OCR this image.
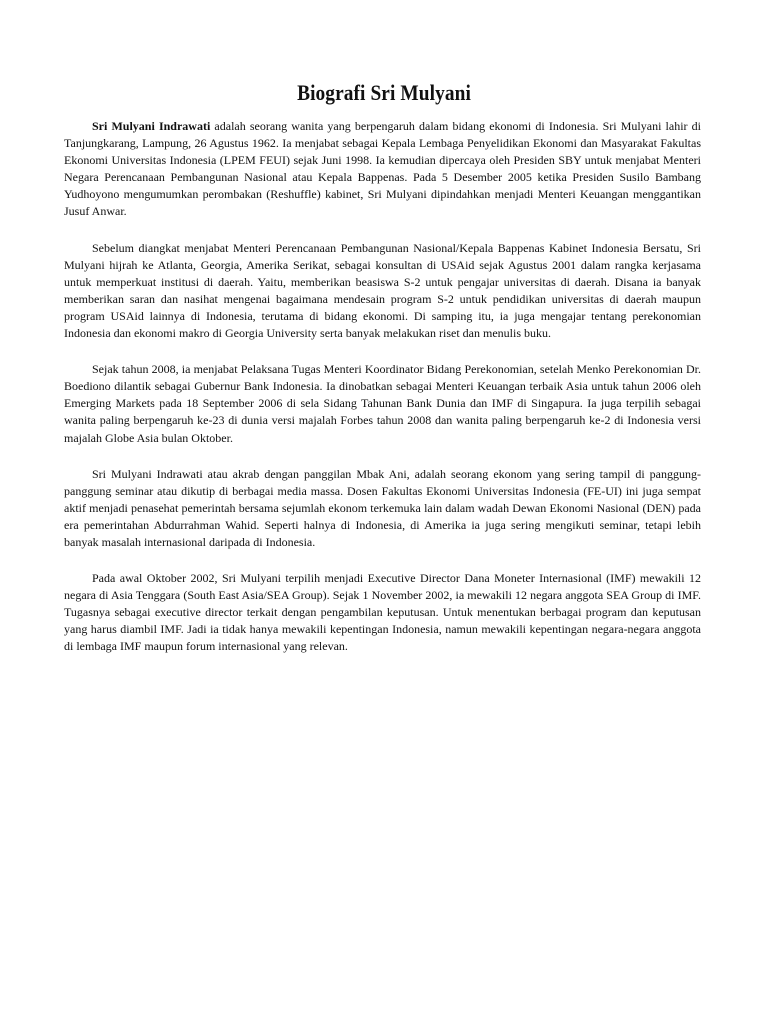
Biografi Sri Mulyani

Sri Mulyani Indrawati adalah seorang wanita yang berpengaruh dalam bidang ekonomi di Indonesia. Sri Mulyani lahir di Tanjungkarang, Lampung, 26 Agustus 1962. Ia menjabat sebagai Kepala Lembaga Penyelidikan Ekonomi dan Masyarakat Fakultas Ekonomi Universitas Indonesia (LPEM FEUI) sejak Juni 1998. Ia kemudian dipercaya oleh Presiden SBY untuk menjabat Menteri Negara Perencanaan Pembangunan Nasional atau Kepala Bappenas. Pada 5 Desember 2005 ketika Presiden Susilo Bambang Yudhoyono mengumumkan perombakan (Reshuffle) kabinet, Sri Mulyani dipindahkan menjadi Menteri Keuangan menggantikan Jusuf Anwar.

Sebelum diangkat menjabat Menteri Perencanaan Pembangunan Nasional/Kepala Bappenas Kabinet Indonesia Bersatu, Sri Mulyani hijrah ke Atlanta, Georgia, Amerika Serikat, sebagai konsultan di USAid sejak Agustus 2001 dalam rangka kerjasama untuk memperkuat institusi di daerah. Yaitu, memberikan beasiswa S-2 untuk pengajar universitas di daerah. Disana ia banyak memberikan saran dan nasihat mengenai bagaimana mendesain program S-2 untuk pendidikan universitas di daerah maupun program USAid lainnya di Indonesia, terutama di bidang ekonomi. Di samping itu, ia juga mengajar tentang perekonomian Indonesia dan ekonomi makro di Georgia University serta banyak melakukan riset dan menulis buku.

Sejak tahun 2008, ia menjabat Pelaksana Tugas Menteri Koordinator Bidang Perekonomian, setelah Menko Perekonomian Dr. Boediono dilantik sebagai Gubernur Bank Indonesia. Ia dinobatkan sebagai Menteri Keuangan terbaik Asia untuk tahun 2006 oleh Emerging Markets pada 18 September 2006 di sela Sidang Tahunan Bank Dunia dan IMF di Singapura. Ia juga terpilih sebagai wanita paling berpengaruh ke-23 di dunia versi majalah Forbes tahun 2008 dan wanita paling berpengaruh ke-2 di Indonesia versi majalah Globe Asia bulan Oktober.

Sri Mulyani Indrawati atau akrab dengan panggilan Mbak Ani, adalah seorang ekonom yang sering tampil di panggung-panggung seminar atau dikutip di berbagai media massa. Dosen Fakultas Ekonomi Universitas Indonesia (FE-UI) ini juga sempat aktif menjadi penasehat pemerintah bersama sejumlah ekonom terkemuka lain dalam wadah Dewan Ekonomi Nasional (DEN) pada era pemerintahan Abdurrahman Wahid. Seperti halnya di Indonesia, di Amerika ia juga sering mengikuti seminar, tetapi lebih banyak masalah internasional daripada di Indonesia.

Pada awal Oktober 2002, Sri Mulyani terpilih menjadi Executive Director Dana Moneter Internasional (IMF) mewakili 12 negara di Asia Tenggara (South East Asia/SEA Group). Sejak 1 November 2002, ia mewakili 12 negara anggota SEA Group di IMF. Tugasnya sebagai executive director terkait dengan pengambilan keputusan. Untuk menentukan berbagai program dan keputusan yang harus diambil IMF. Jadi ia tidak hanya mewakili kepentingan Indonesia, namun mewakili kepentingan negara-negara anggota di lembaga IMF maupun forum internasional yang relevan.
